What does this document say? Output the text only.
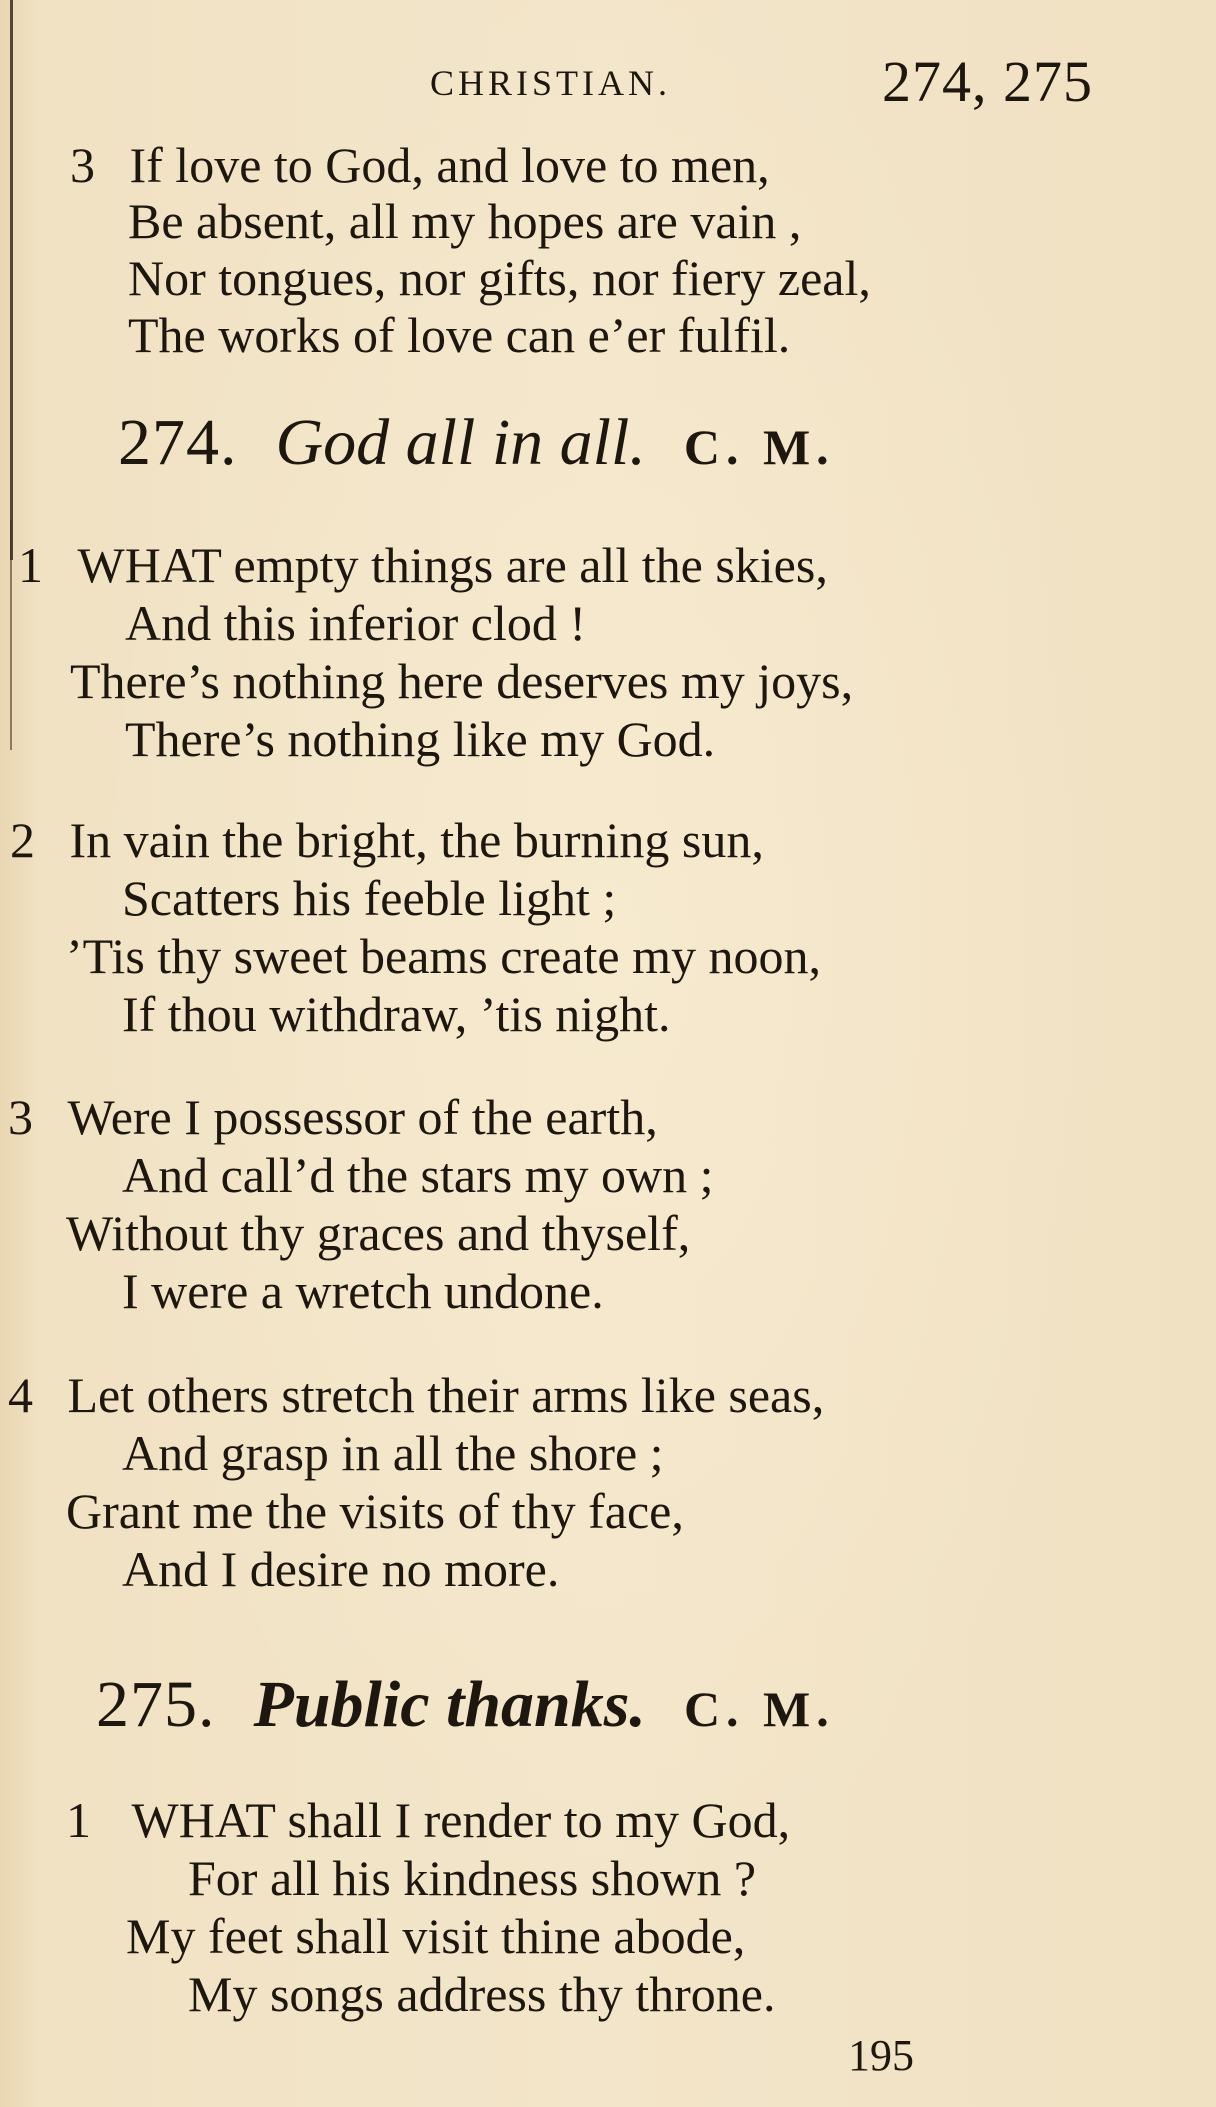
CHRISTIAN.	274, 275
3 If love to God, and love to men,
Be absent, all my hopes are vain ,
Nor tongues, nor gifts, nor fiery zeal,
The works of love can e’er fulfil.
274. God all in all. C. M.
1 WHAT empty things are all the skies,
And this inferior clod !
There’s nothing here deserves my joys,
There’s nothing like my God.
2 In vain the bright, the burning sun,
Scatters his feeble light ;
’Tis thy sweet beams create my noon,
If thou withdraw, ’tis night.
3 Were I possessor of the earth,
And call’d the stars my own ;
Without thy graces and thyself,
I were a wretch undone.
4 Let others stretch their arms like seas,
And grasp in all the shore ;
Grant me the visits of thy face,
And I desire no more.
275. Public thanks. C. M.
1 WHAT shall I render to my God,
For all his kindness shown ?
My feet shall visit thine abode,
My songs address thy throne.
195
